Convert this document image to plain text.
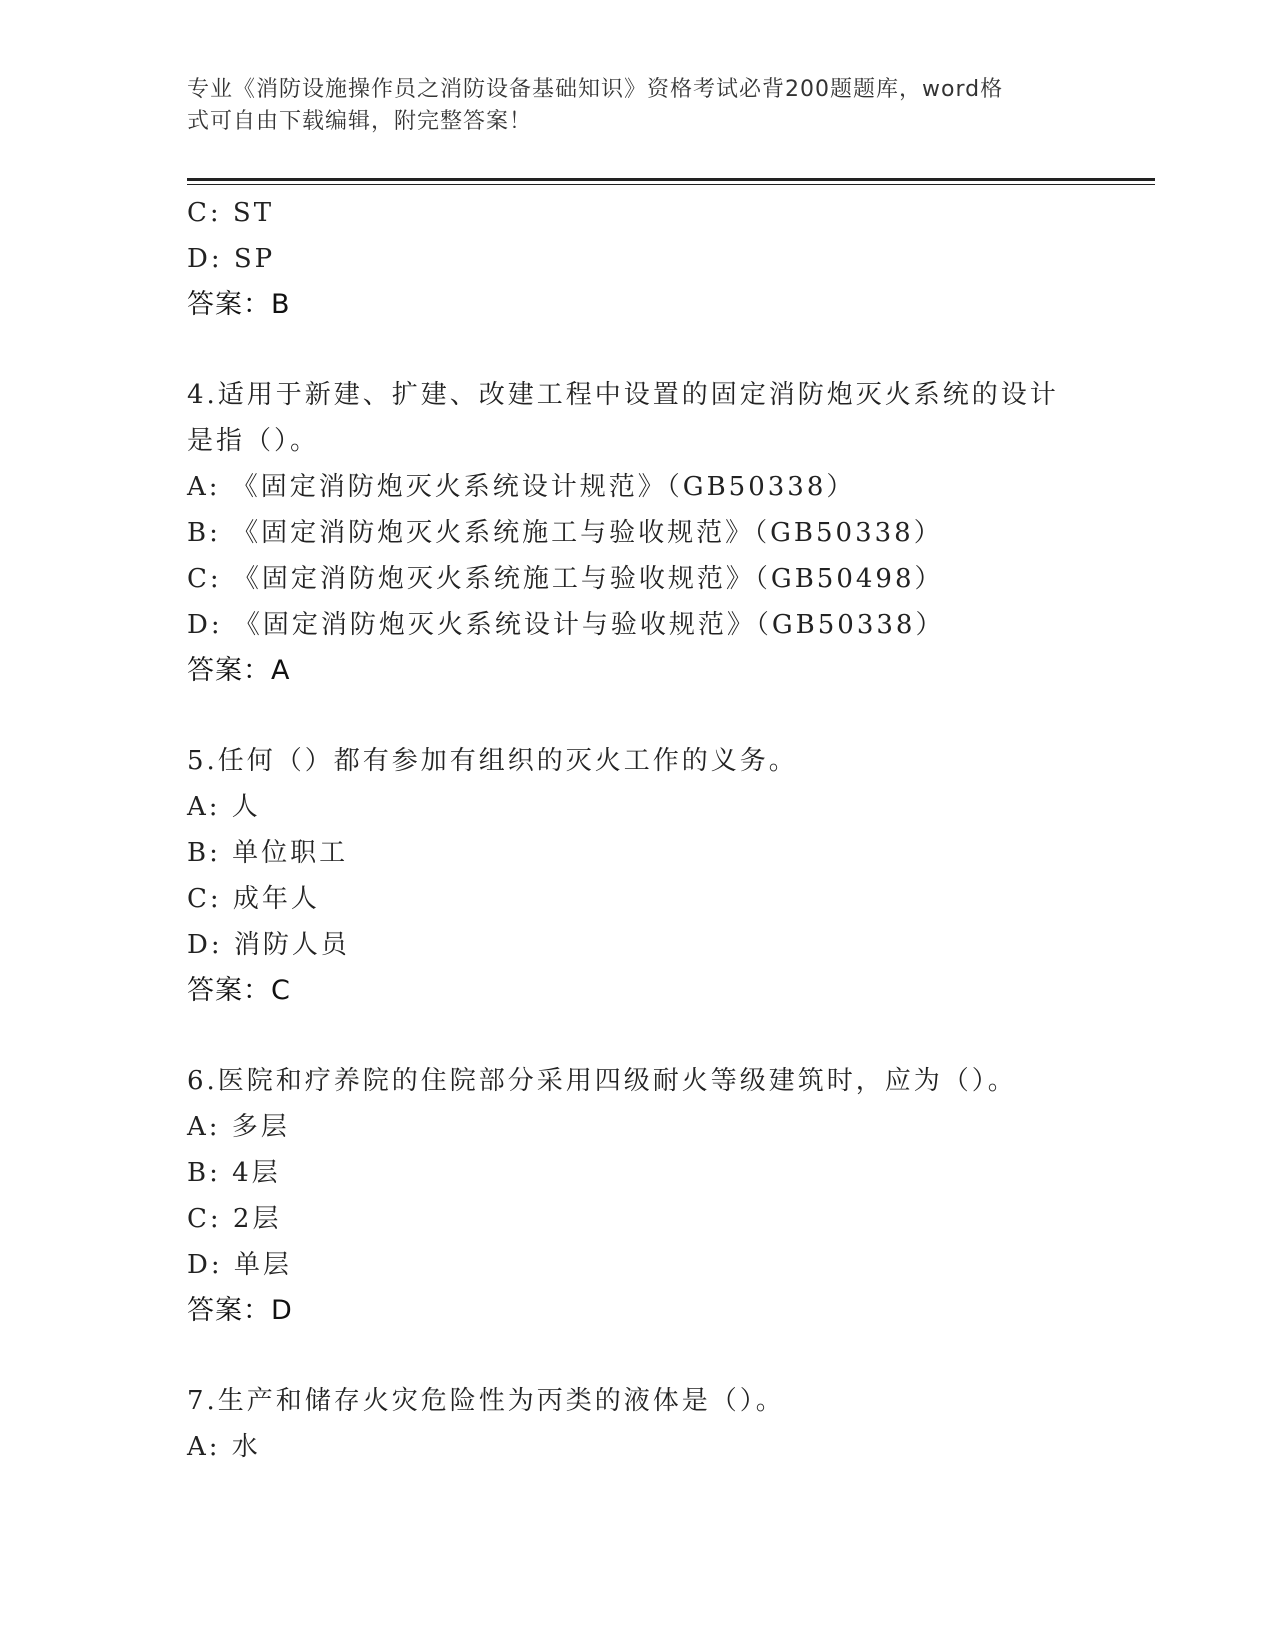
专业《消防设施操作员之消防设备基础知识》资格考试必背200题题库，word格
式可自由下载编辑，附完整答案！
C: ST
D: SP
答案：B
4.适用于新建、扩建、改建工程中设置的固定消防炮灭火系统的设计
是指（）。
A: 《固定消防炮灭火系统设计规范》（GB50338）
B: 《固定消防炮灭火系统施工与验收规范》（GB50338）
C: 《固定消防炮灭火系统施工与验收规范》（GB50498）
D: 《固定消防炮灭火系统设计与验收规范》（GB50338）
答案：A
5.任何（）都有参加有组织的灭火工作的义务。
A: 人
B: 单位职工
C: 成年人
D: 消防人员
答案：C
6.医院和疗养院的住院部分采用四级耐火等级建筑时，应为（）。
A: 多层
B: 4层
C: 2层
D: 单层
答案：D
7.生产和储存火灾危险性为丙类的液体是（）。
A: 水
